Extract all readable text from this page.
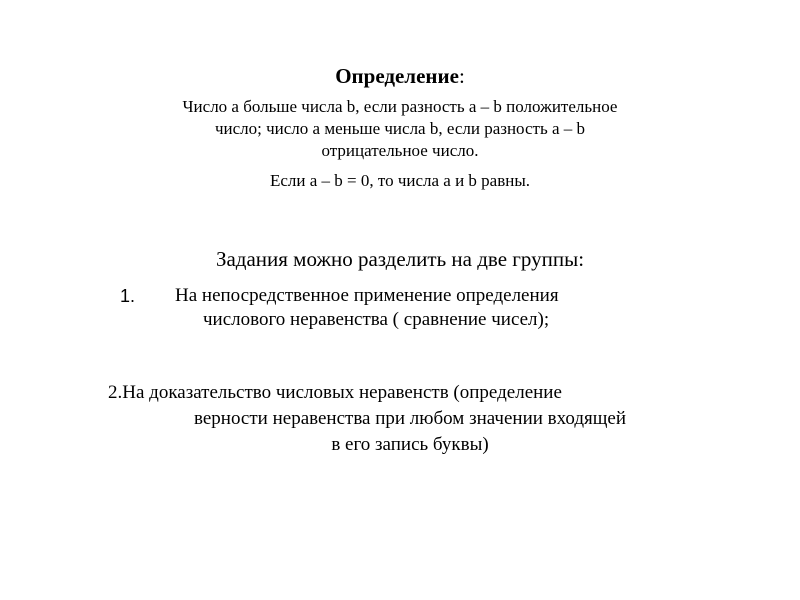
Определение:

Число а больше числа b, если разность а – b положительное

число; число а меньше числа b, если разность а – b

отрицательное число.

Если а – b = 0, то числа а и b равны.

Задания можно разделить на две группы:
1. На непосредственное применение определения
числового неравенства ( сравнение чисел);
2.На доказательство числовых неравенств (определение
верности неравенства при любом значении входящей
в его запись буквы)
